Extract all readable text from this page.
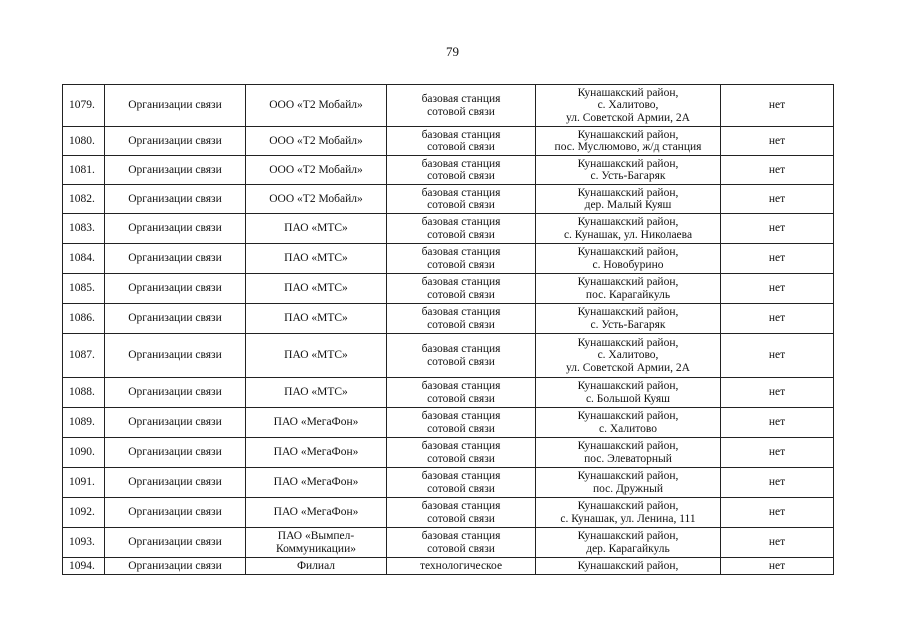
79
1079.	Организации связи	ООО «Т2 Мобайл»	базовая станция
сотовой связи	Кунашакский район,
с. Халитово,
ул. Советской Армии, 2А	нет
1080.	Организации связи	ООО «Т2 Мобайл»	базовая станция
сотовой связи	Кунашакский район,
пос. Муслюмово, ж/д станция	нет
1081.	Организации связи	ООО «Т2 Мобайл»	базовая станция
сотовой связи	Кунашакский район,
с. Усть-Багаряк	нет
1082.	Организации связи	ООО «Т2 Мобайл»	базовая станция
сотовой связи	Кунашакский район,
дер. Малый Куяш	нет
1083.	Организации связи	ПАО «МТС»	базовая станция
сотовой связи	Кунашакский район,
с. Кунашак, ул. Николаева	нет
1084.	Организации связи	ПАО «МТС»	базовая станция
сотовой связи	Кунашакский район,
с. Новобурино	нет
1085.	Организации связи	ПАО «МТС»	базовая станция
сотовой связи	Кунашакский район,
пос. Карагайкуль	нет
1086.	Организации связи	ПАО «МТС»	базовая станция
сотовой связи	Кунашакский район,
с. Усть-Багаряк	нет
1087.	Организации связи	ПАО «МТС»	базовая станция
сотовой связи	Кунашакский район,
с. Халитово,
ул. Советской Армии, 2А	нет
1088.	Организации связи	ПАО «МТС»	базовая станция
сотовой связи	Кунашакский район,
с. Большой Куяш	нет
1089.	Организации связи	ПАО «МегаФон»	базовая станция
сотовой связи	Кунашакский район,
с. Халитово	нет
1090.	Организации связи	ПАО «МегаФон»	базовая станция
сотовой связи	Кунашакский район,
пос. Элеваторный	нет
1091.	Организации связи	ПАО «МегаФон»	базовая станция
сотовой связи	Кунашакский район,
пос. Дружный	нет
1092.	Организации связи	ПАО «МегаФон»	базовая станция
сотовой связи	Кунашакский район,
с. Кунашак, ул. Ленина, 111	нет
1093.	Организации связи	ПАО «Вымпел-
Коммуникации»	базовая станция
сотовой связи	Кунашакский район,
дер. Карагайкуль	нет
1094.	Организации связи	Филиал	технологическое	Кунашакский район,	нет
